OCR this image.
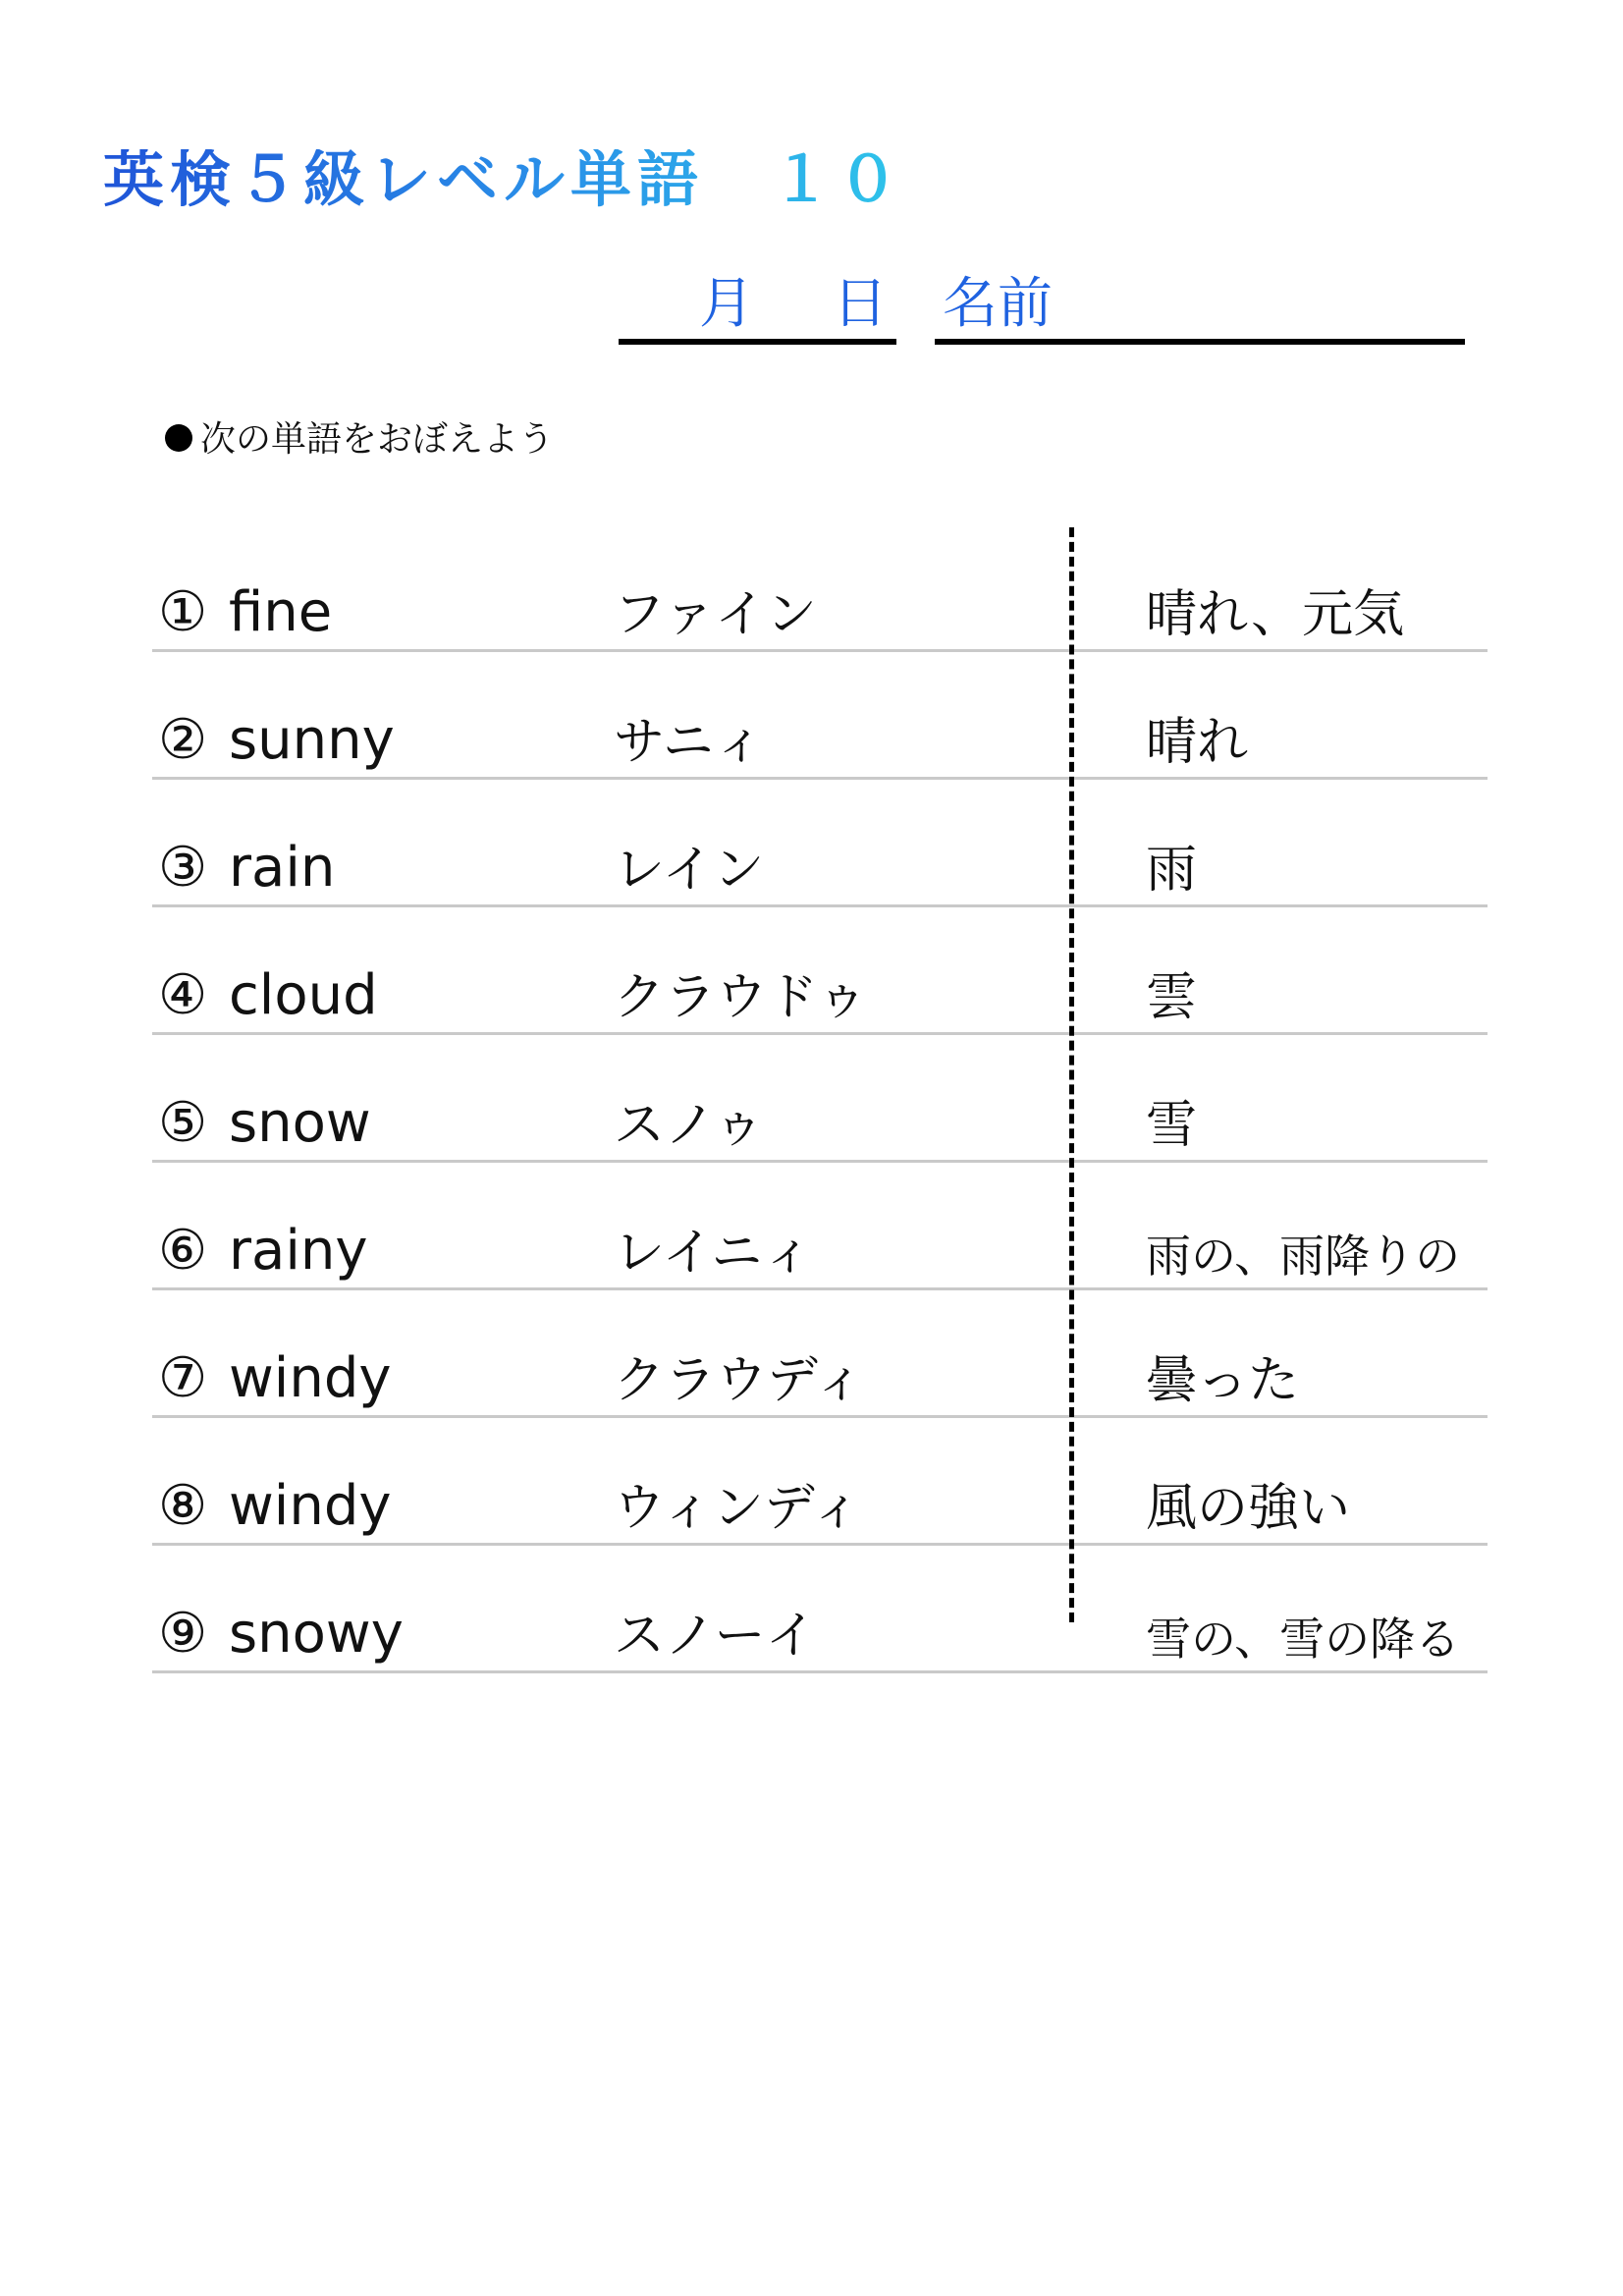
英検５級レベル単語　１０
月 日 名前
次の単語をおぼえよう
① fine	ファイン	晴れ、元気
② sunny	サニィ	晴れ
③ rain	レイン	雨
④ cloud	クラウドゥ	雲
⑤ snow	スノゥ	雪
⑥ rainy	レイニィ	雨の、雨降りの
⑦ windy	クラウディ	曇った
⑧ windy	ウィンディ	風の強い
⑨ snowy	スノーイ	雪の、雪の降る
